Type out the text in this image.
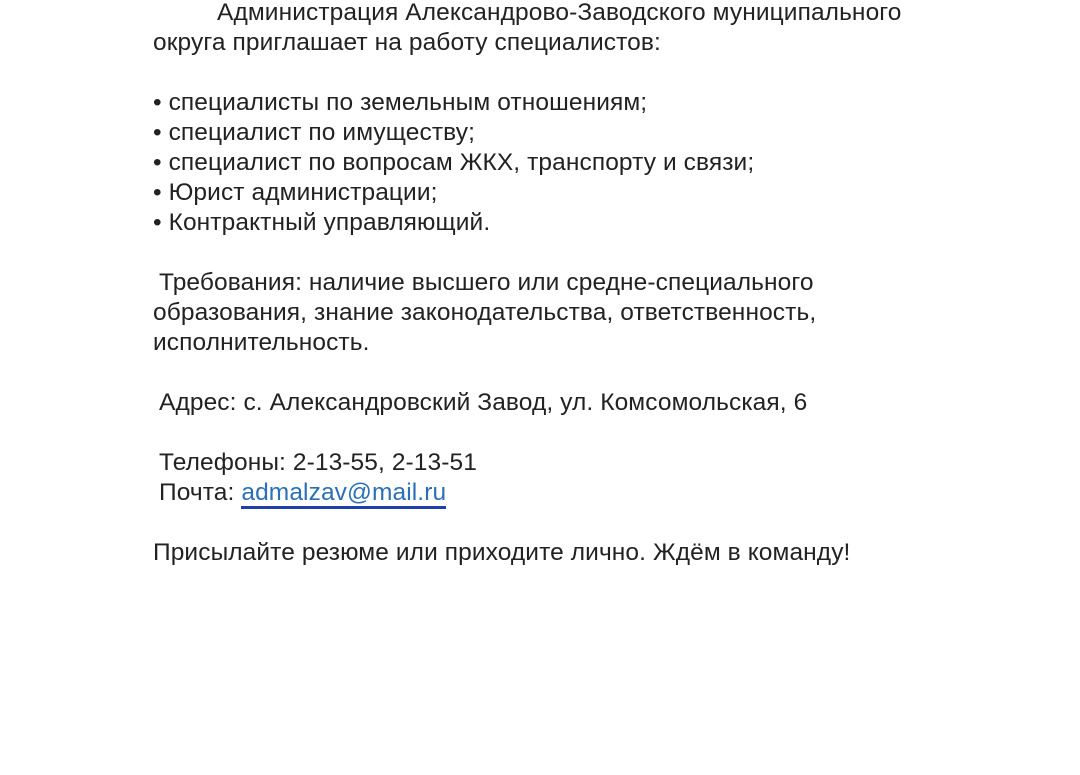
Администрация Александрово-Заводского муниципального
округа приглашает на работу специалистов:
• специалисты по земельным отношениям;
• специалист по имуществу;
• специалист по вопросам ЖКХ, транспорту и связи;
• Юрист администрации;
• Контрактный управляющий.
Требования: наличие высшего или средне-специального
образования, знание законодательства, ответственность,
исполнительность.
Адрес: с. Александровский Завод, ул. Комсомольская, 6
Телефоны: 2-13-55, 2-13-51
Почта: admalzav@mail.ru
Присылайте резюме или приходите лично. Ждём в команду!
